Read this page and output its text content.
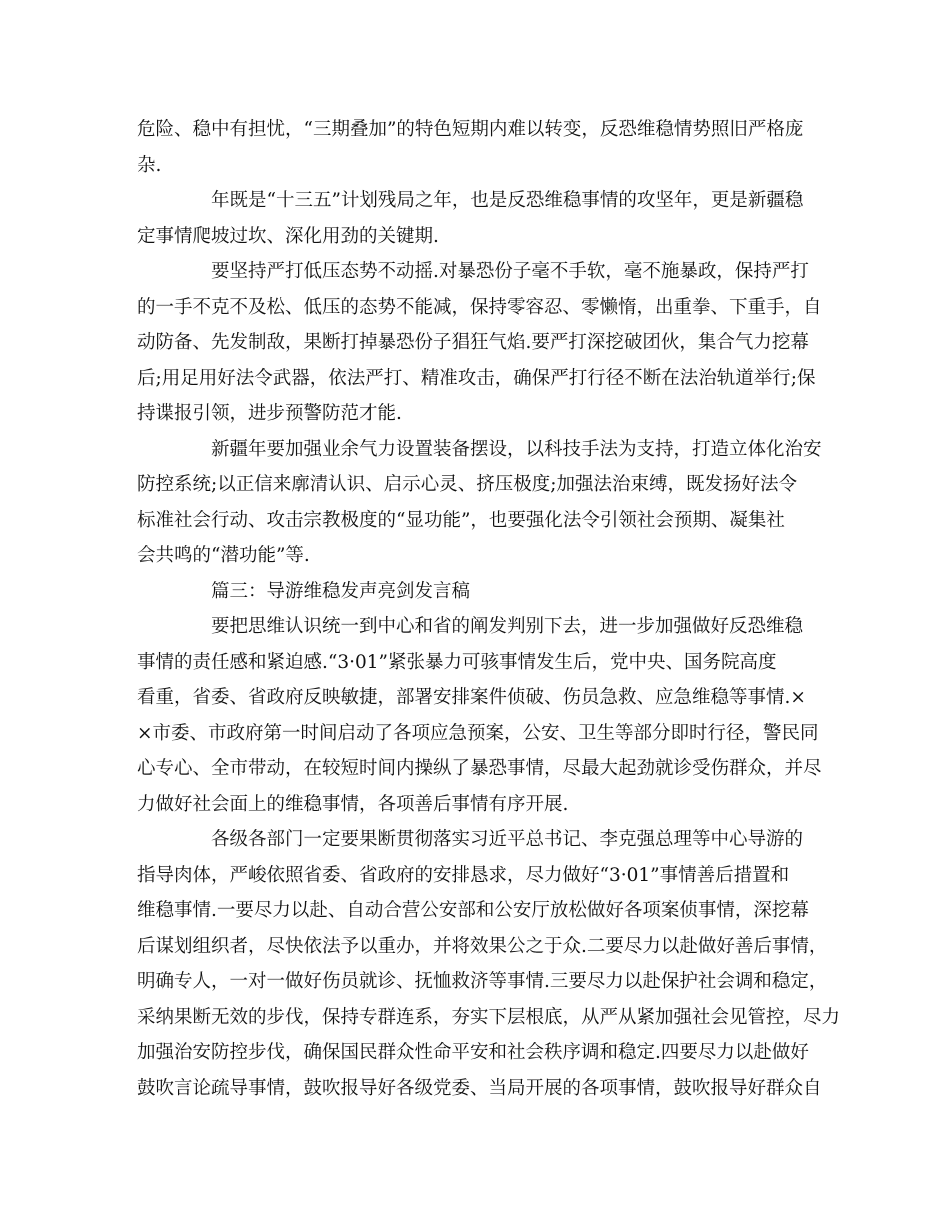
危险、稳中有担忧，“三期叠加”的特色短期内难以转变，反恐维稳情势照旧严格庞
杂.
年既是“十三五”计划残局之年，也是反恐维稳事情的攻坚年，更是新疆稳
定事情爬坡过坎、深化用劲的关键期.
要坚持严打低压态势不动摇.对暴恐份子毫不手软，毫不施暴政，保持严打
的一手不克不及松、低压的态势不能减，保持零容忍、零懒惰，出重拳、下重手，自
动防备、先发制敌，果断打掉暴恐份子猖狂气焰.要严打深挖破团伙，集合气力挖幕
后;用足用好法令武器，依法严打、精准攻击，确保严打行径不断在法治轨道举行;保
持谍报引领，进步预警防范才能.
新疆年要加强业余气力设置装备摆设，以科技手法为支持，打造立体化治安
防控系统;以正信来廓清认识、启示心灵、挤压极度;加强法治束缚，既发扬好法令
标准社会行动、攻击宗教极度的“显功能”，也要强化法令引领社会预期、凝集社
会共鸣的“潜功能”等.
篇三：导游维稳发声亮剑发言稿
要把思维认识统一到中心和省的阐发判别下去，进一步加强做好反恐维稳
事情的责任感和紧迫感.“3·01”紧张暴力可骇事情发生后，党中央、国务院高度
看重，省委、省政府反映敏捷，部署安排案件侦破、伤员急救、应急维稳等事情.×
×市委、市政府第一时间启动了各项应急预案，公安、卫生等部分即时行径，警民同
心专心、全市带动，在较短时间内操纵了暴恐事情，尽最大起劲就诊受伤群众，并尽
力做好社会面上的维稳事情，各项善后事情有序开展.
各级各部门一定要果断贯彻落实习近平总书记、李克强总理等中心导游的
指导肉体，严峻依照省委、省政府的安排恳求，尽力做好“3·01”事情善后措置和
维稳事情.一要尽力以赴、自动合营公安部和公安厅放松做好各项案侦事情，深挖幕
后谋划组织者，尽快依法予以重办，并将效果公之于众.二要尽力以赴做好善后事情，
明确专人，一对一做好伤员就诊、抚恤救济等事情.三要尽力以赴保护社会调和稳定，
采纳果断无效的步伐，保持专群连系，夯实下层根底，从严从紧加强社会见管控，尽力
加强治安防控步伐，确保国民群众性命平安和社会秩序调和稳定.四要尽力以赴做好
鼓吹言论疏导事情，鼓吹报导好各级党委、当局开展的各项事情，鼓吹报导好群众自
